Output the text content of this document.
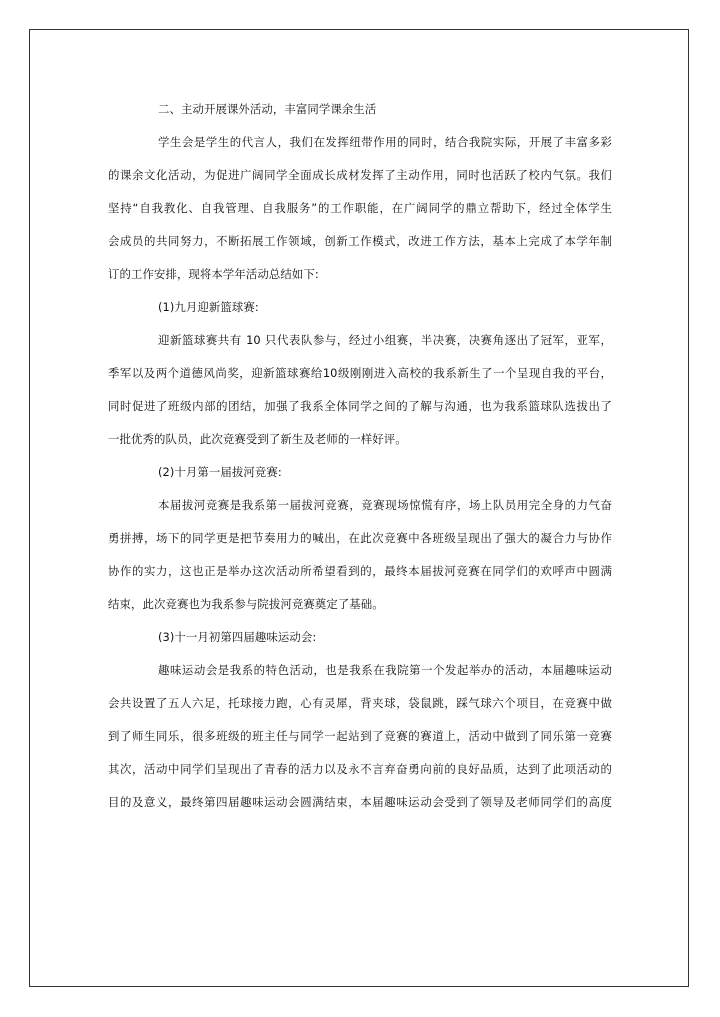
二、主动开展课外活动，丰富同学课余生活
学生会是学生的代言人，我们在发挥纽带作用的同时，结合我院实际，开展了丰富多彩
的课余文化活动，为促进广阔同学全面成长成材发挥了主动作用，同时也活跃了校内气氛。我们
坚持“自我教化、自我管理、自我服务”的工作职能，在广阔同学的鼎立帮助下，经过全体学生
会成员的共同努力，不断拓展工作领域，创新工作模式，改进工作方法，基本上完成了本学年制
订的工作安排，现将本学年活动总结如下:
(1)九月迎新篮球赛:
迎新篮球赛共有 10 只代表队参与，经过小组赛，半决赛，决赛角逐出了冠军，亚军，
季军以及两个道德风尚奖，迎新篮球赛给10级刚刚进入高校的我系新生了一个呈现自我的平台，
同时促进了班级内部的团结，加强了我系全体同学之间的了解与沟通，也为我系篮球队选拔出了
一批优秀的队员，此次竞赛受到了新生及老师的一样好评。
(2)十月第一届拔河竞赛:
本届拔河竞赛是我系第一届拔河竞赛，竞赛现场惊慌有序，场上队员用完全身的力气奋
勇拼搏，场下的同学更是把节奏用力的喊出，在此次竞赛中各班级呈现出了强大的凝合力与协作
协作的实力，这也正是举办这次活动所希望看到的，最终本届拔河竞赛在同学们的欢呼声中圆满
结束，此次竞赛也为我系参与院拔河竞赛奠定了基础。
(3)十一月初第四届趣味运动会:
趣味运动会是我系的特色活动，也是我系在我院第一个发起举办的活动，本届趣味运动
会共设置了五人六足，托球接力跑，心有灵犀，背夹球，袋鼠跳，踩气球六个项目，在竞赛中做
到了师生同乐，很多班级的班主任与同学一起站到了竞赛的赛道上，活动中做到了同乐第一竞赛
其次，活动中同学们呈现出了青春的活力以及永不言弃奋勇向前的良好品质，达到了此项活动的
目的及意义，最终第四届趣味运动会圆满结束，本届趣味运动会受到了领导及老师同学们的高度
